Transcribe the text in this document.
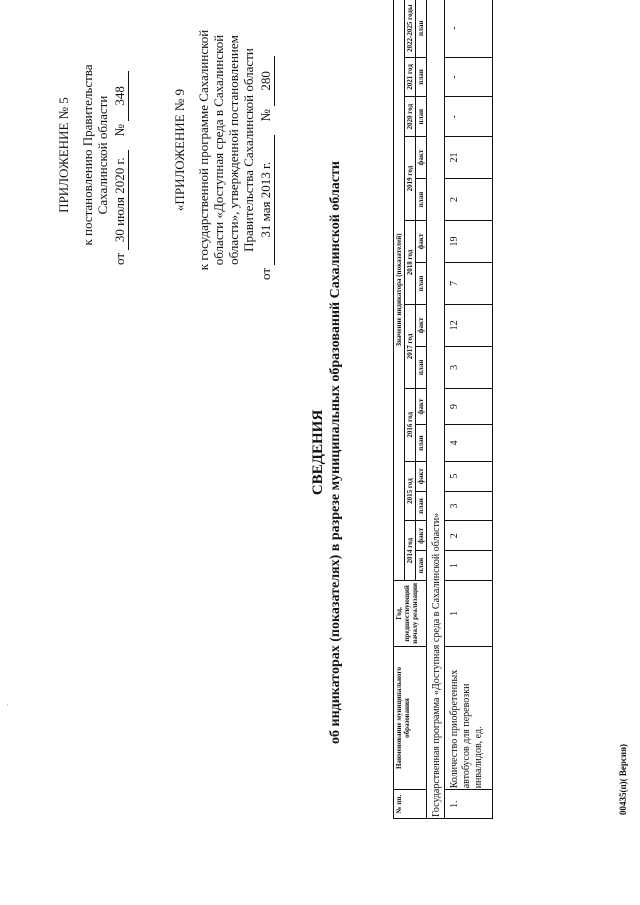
·
ПРИЛОЖЕНИЕ № 5 к постановлению Правительства Сахалинской области
от 30 июля 2020 г. № 348	«ПРИЛОЖЕНИЕ № 9 к государственной программе Сахалинской области «Доступная среда в Сахалинской области», утвержденной постановлением Правительства Сахалинской области
от 31 мая 2013 г. № 280
СВЕДЕНИЯ об индикаторах (показателях) в разрезе муниципальных образований Сахалинской области
№ пп.	Наименование муниципального образования	Год, предшествующий началу реализации	Значение индикатора (показателей)														
			2014 год		2015 год		2016 год		2017 год		2018 год		2019 год		2020 год	2021 год	2022-2025 годы
			план	факт	план	факт	план	факт	план	факт	план	факт	план	факт	план	план	план
Государственная программа «Доступная среда в Сахалинской области»																	
1.	Количество приобретенных автобусов для перевозки инвалидов, ед.	1	1	2	3	5	4	9	3	12	7	19	2	21	-	-	-
00435(п)( Версия)
